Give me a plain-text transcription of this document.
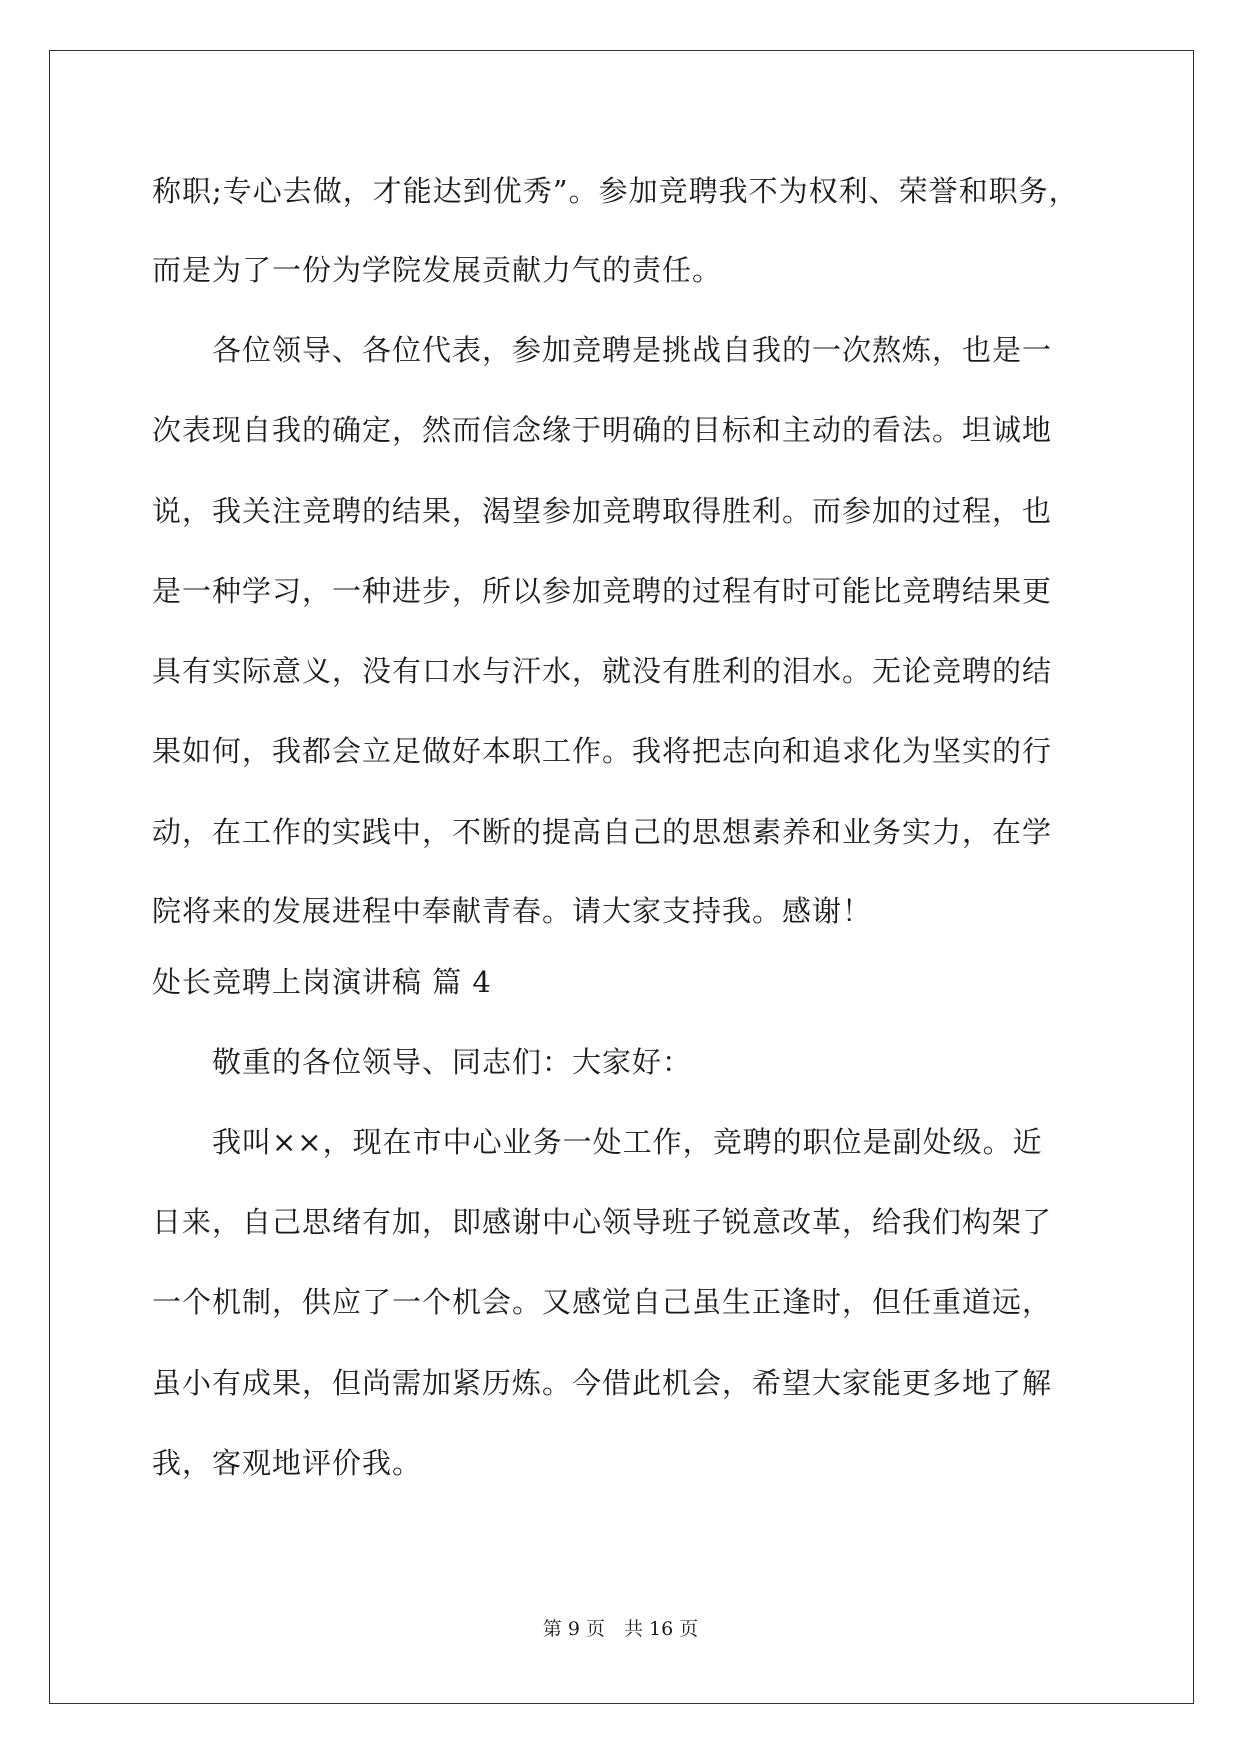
称职;专心去做，才能达到优秀”。参加竞聘我不为权利、荣誉和职务，
而是为了一份为学院发展贡献力气的责任。
各位领导、各位代表，参加竞聘是挑战自我的一次熬炼，也是一
次表现自我的确定，然而信念缘于明确的目标和主动的看法。坦诚地
说，我关注竞聘的结果，渴望参加竞聘取得胜利。而参加的过程，也
是一种学习，一种进步，所以参加竞聘的过程有时可能比竞聘结果更
具有实际意义，没有口水与汗水，就没有胜利的泪水。无论竞聘的结
果如何，我都会立足做好本职工作。我将把志向和追求化为坚实的行
动，在工作的实践中，不断的提高自己的思想素养和业务实力，在学
院将来的发展进程中奉献青春。请大家支持我。感谢！
处长竞聘上岗演讲稿 篇 4
敬重的各位领导、同志们：大家好：
我叫××，现在市中心业务一处工作，竞聘的职位是副处级。近
日来，自己思绪有加，即感谢中心领导班子锐意改革，给我们构架了
一个机制，供应了一个机会。又感觉自己虽生正逢时，但任重道远，
虽小有成果，但尚需加紧历炼。今借此机会，希望大家能更多地了解
我，客观地评价我。
第 9 页　共 16 页
